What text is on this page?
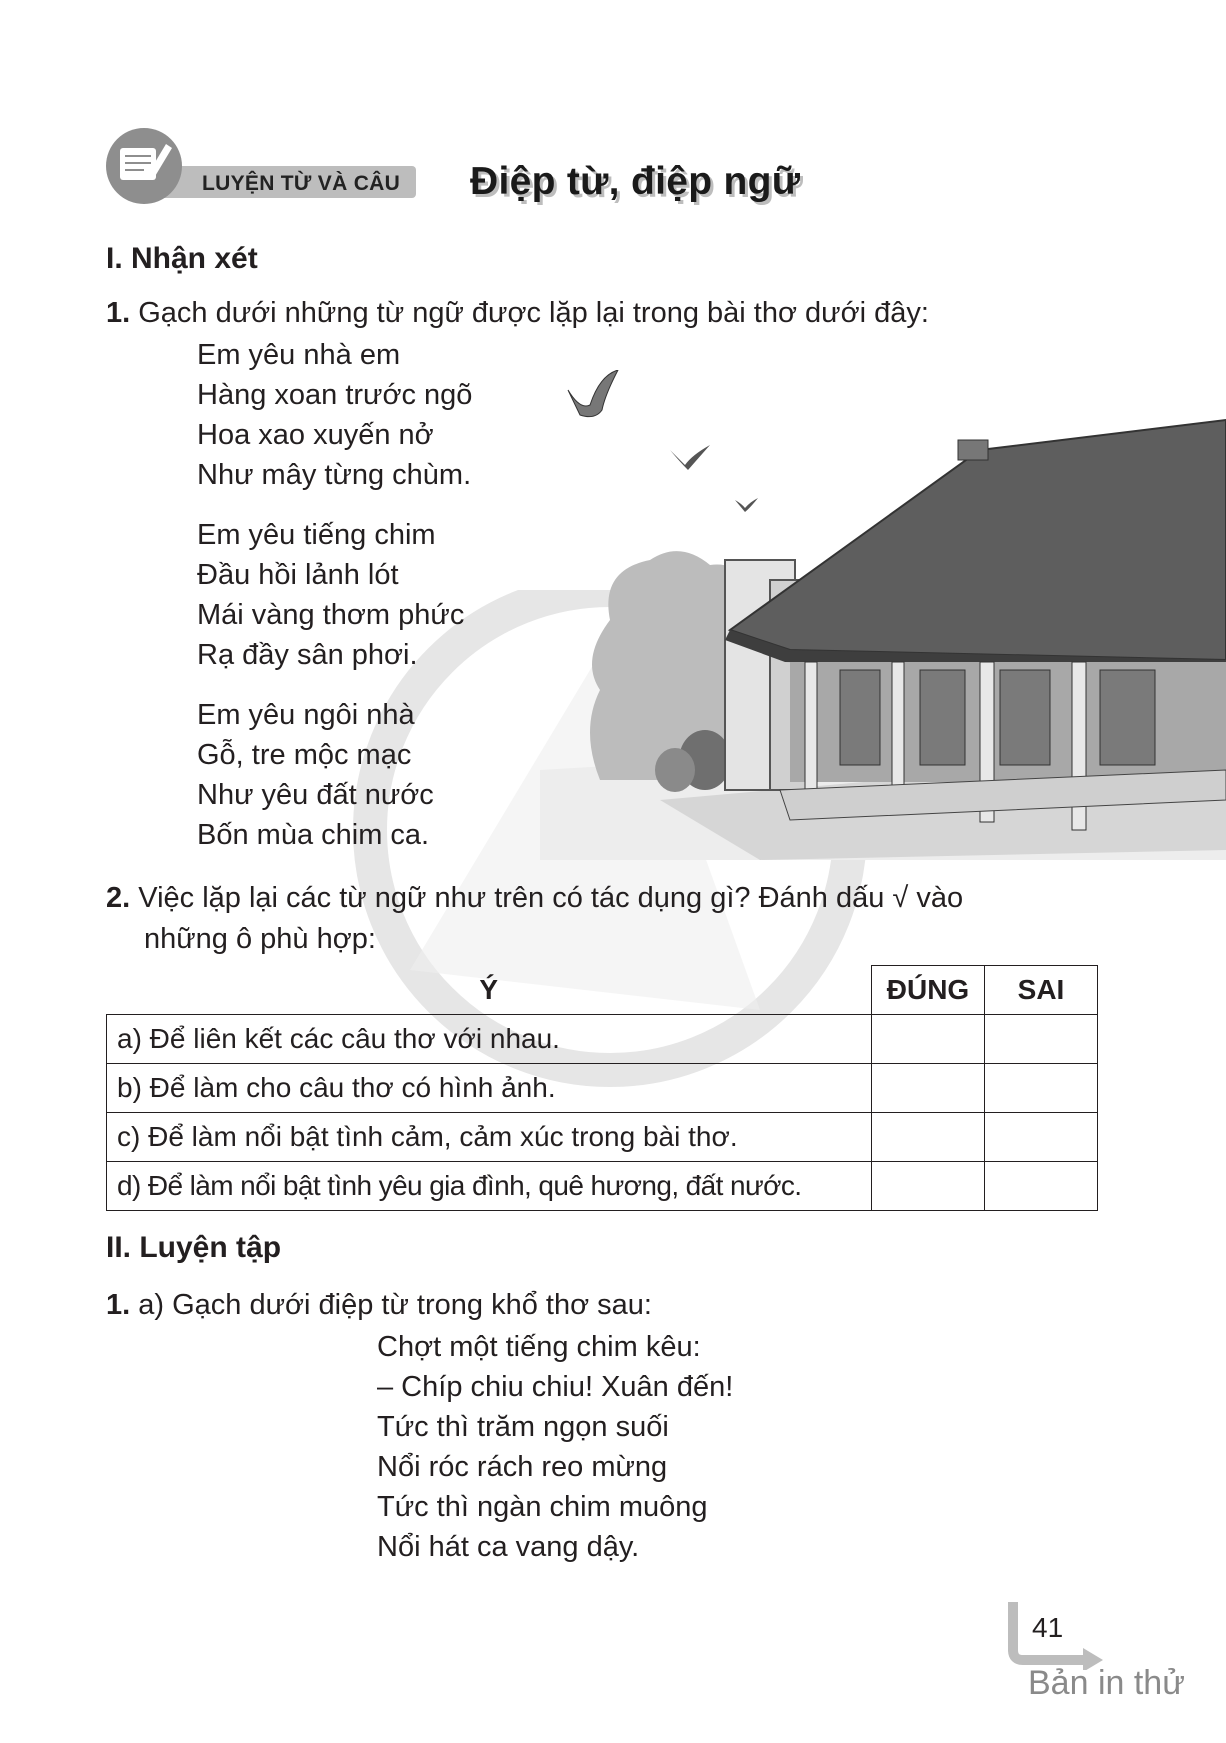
LUYỆN TỪ VÀ CÂU Điệp từ, điệp ngữ
I. Nhận xét
1. Gạch dưới những từ ngữ được lặp lại trong bài thơ dưới đây:
Em yêu nhà em
Hàng xoan trước ngõ
Hoa xao xuyến nở
Như mây từng chùm.
Em yêu tiếng chim
Đầu hồi lảnh lót
Mái vàng thơm phức
Rạ đầy sân phơi.
Em yêu ngôi nhà
Gỗ, tre mộc mạc
Như yêu đất nước
Bốn mùa chim ca.
2. Việc lặp lại các từ ngữ như trên có tác dụng gì? Đánh dấu √ vào
những ô phù hợp:
Ý	ĐÚNG	SAI
a) Để liên kết các câu thơ với nhau.		
b) Để làm cho câu thơ có hình ảnh.		
c) Để làm nổi bật tình cảm, cảm xúc trong bài thơ.		
d) Để làm nổi bật tình yêu gia đình, quê hương, đất nước.		
II. Luyện tập
1. a) Gạch dưới điệp từ trong khổ thơ sau:
Chợt một tiếng chim kêu:
– Chíp chiu chiu! Xuân đến!
Tức thì trăm ngọn suối
Nổi róc rách reo mừng
Tức thì ngàn chim muông
Nổi hát ca vang dậy.
41
Bản in thử
